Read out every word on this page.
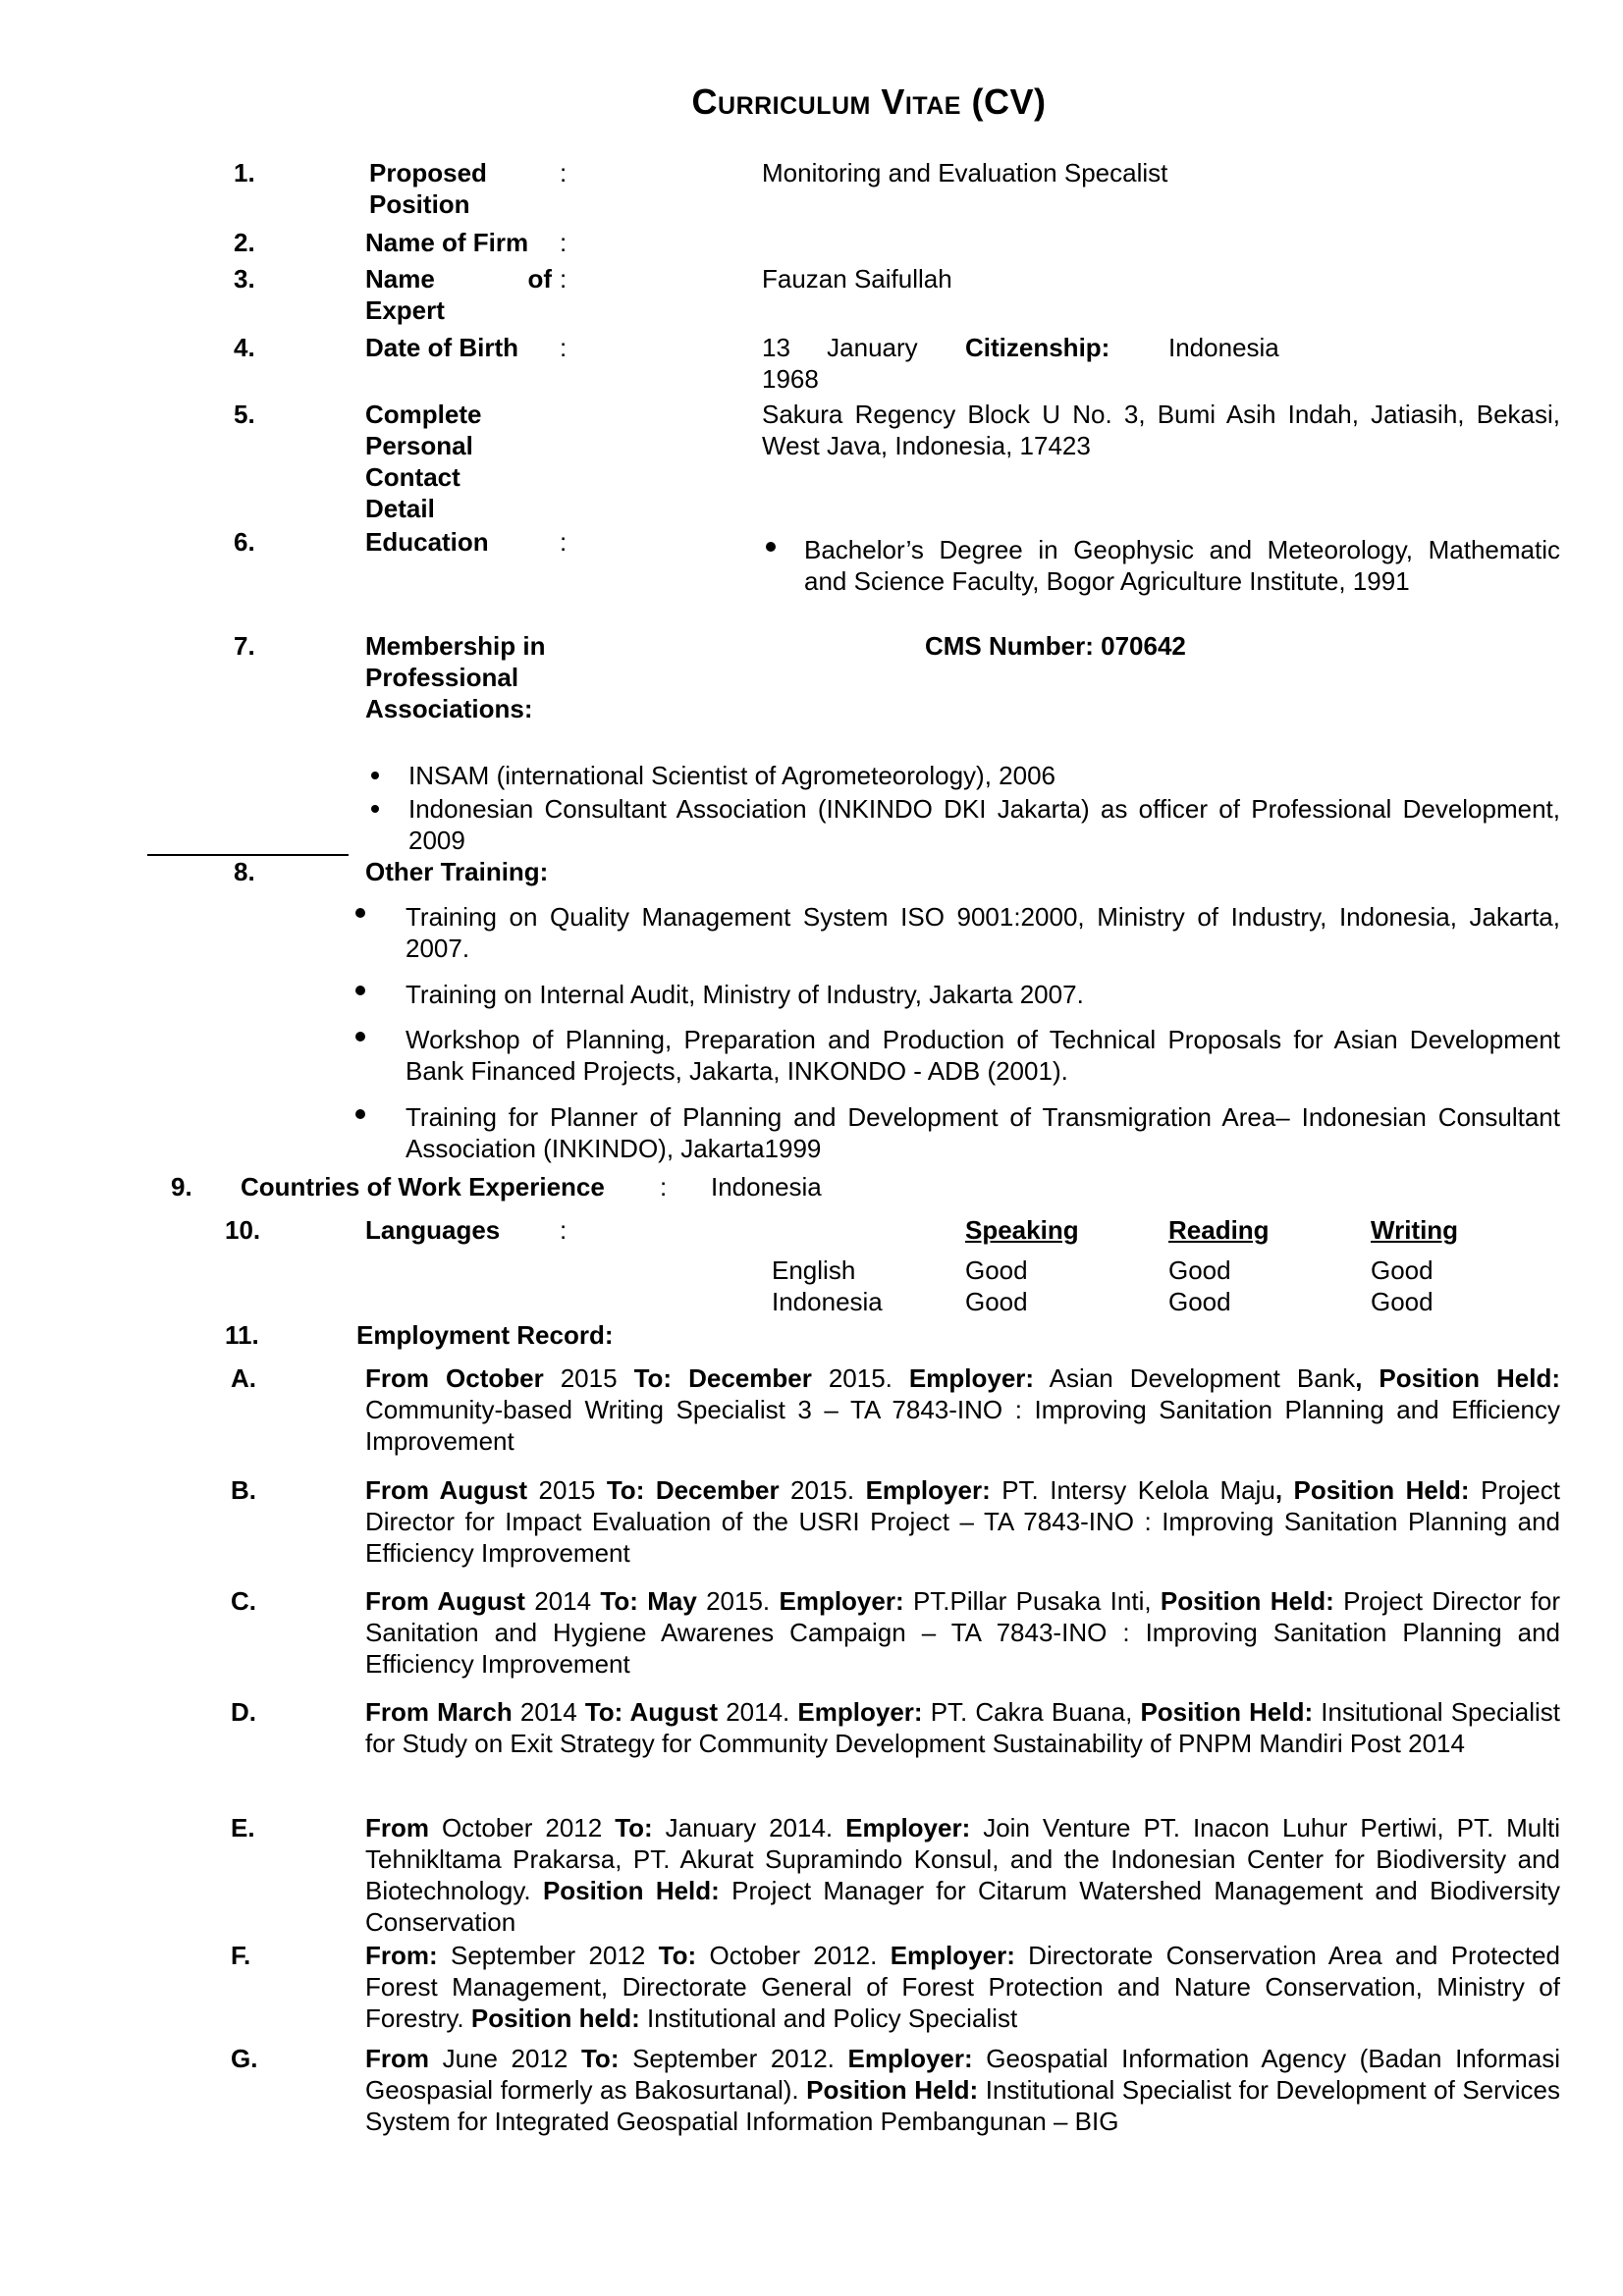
Curriculum Vitae (CV)
1.	Proposed Position
:	Monitoring and Evaluation Specalist
2.	Name of Firm :
3.	Name of Expert
:	Fauzan Saifullah
4.	Date of Birth :	13 January 1968
Citizenship: Indonesia
5.	Complete Personal Contact Detail
Sakura Regency Block U No. 3, Bumi Asih Indah, Jatiasih, Bekasi, West Java, Indonesia, 17423
6.	Education	:	Bachelor’s Degree in Geophysic and Meteorology, Mathematic and Science Faculty, Bogor Agriculture Institute, 1991
7.	Membership in Professional Associations:
CMS Number: 070642
INSAM (international Scientist of Agrometeorology), 2006
Indonesian Consultant Association (INKINDO DKI Jakarta) as officer of Professional Development, 2009
8.	Other Training:
Training on Quality Management System ISO 9001:2000, Ministry of Industry, Indonesia, Jakarta, 2007.
Training on Internal Audit, Ministry of Industry, Jakarta 2007.
Workshop of Planning, Preparation and Production of Technical Proposals for Asian Development Bank Financed Projects, Jakarta, INKONDO - ADB (2001).
Training for Planner of Planning and Development of Transmigration Area– Indonesian Consultant Association (INKINDO), Jakarta1999
9. Countries of Work Experience : Indonesia
10.	Languages :	Speaking	Reading	Writing
English	Good	Good	Good
Indonesia	Good	Good	Good
11.	Employment Record:
A.	From October 2015 To: December 2015. Employer: Asian Development Bank, Position Held: Community-based Writing Specialist 3 – TA 7843-INO : Improving Sanitation Planning and Efficiency Improvement
B.	From August 2015 To: December 2015. Employer: PT. Intersy Kelola Maju, Position Held: Project Director for Impact Evaluation of the USRI Project – TA 7843-INO : Improving Sanitation Planning and Efficiency Improvement
C.	From August 2014 To: May 2015. Employer: PT.Pillar Pusaka Inti, Position Held: Project Director for Sanitation and Hygiene Awarenes Campaign – TA 7843-INO : Improving Sanitation Planning and Efficiency Improvement
D.	From March 2014 To: August 2014. Employer: PT. Cakra Buana, Position Held: Insitutional Specialist for Study on Exit Strategy for Community Development Sustainability of PNPM Mandiri Post 2014
E.	From October 2012 To: January 2014. Employer: Join Venture PT. Inacon Luhur Pertiwi, PT. Multi Tehnikltama Prakarsa, PT. Akurat Supramindo Konsul, and the Indonesian Center for Biodiversity and Biotechnology. Position Held: Project Manager for Citarum Watershed Management and Biodiversity Conservation
F.	From: September 2012 To: October 2012. Employer: Directorate Conservation Area and Protected Forest Management, Directorate General of Forest Protection and Nature Conservation, Ministry of Forestry. Position held: Institutional and Policy Specialist
G.	From June 2012 To: September 2012. Employer: Geospatial Information Agency (Badan Informasi Geospasial formerly as Bakosurtanal). Position Held: Institutional Specialist for Development of Services System for Integrated Geospatial Information Pembangunan – BIG
